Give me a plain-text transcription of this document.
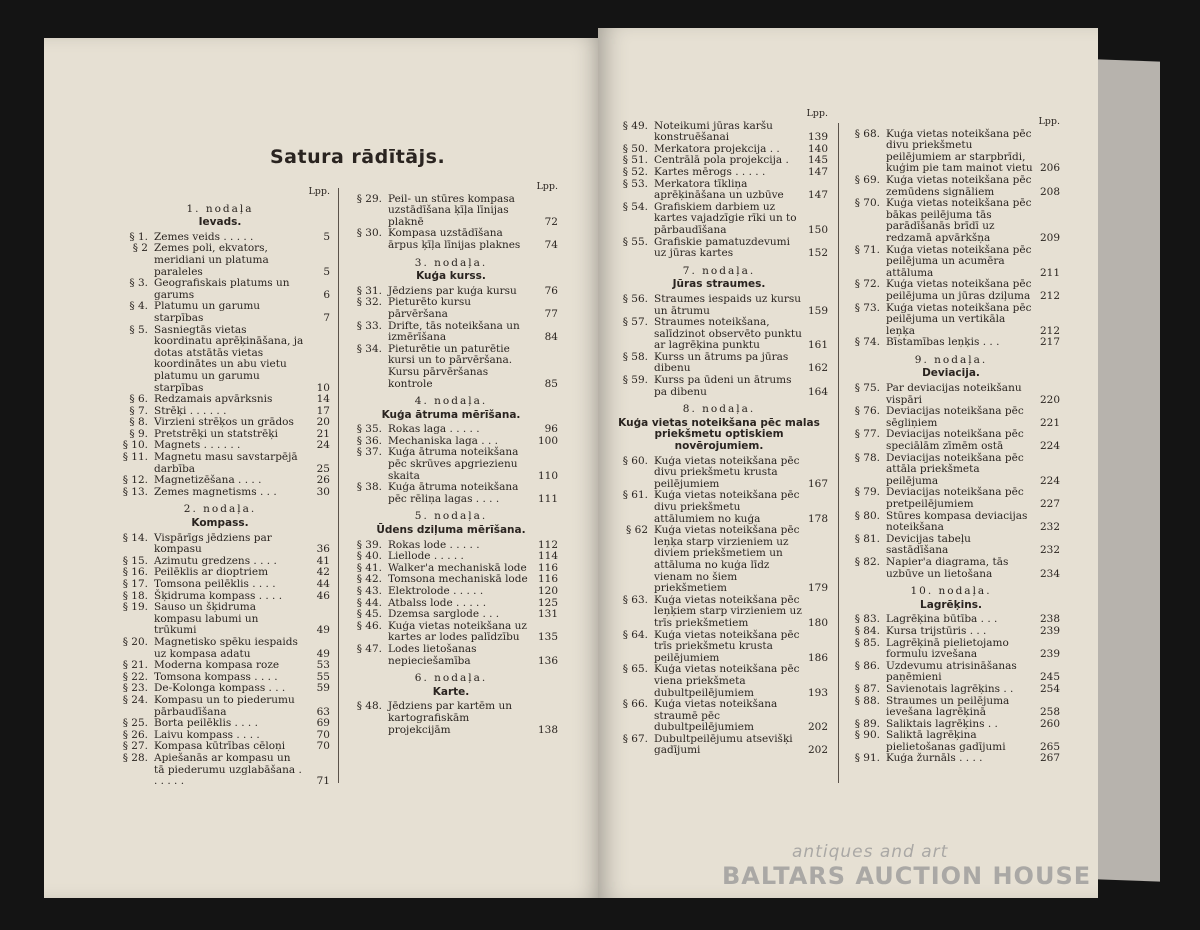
Satura rādītājs.
Lpp.
1. nodaļa
Ievads.
§ 1. Zemes veids . . . . .	5
§ 2 Zemes poli, ekvators, meridiani un platuma paraleles	5
§ 3. Geografiskais platums un garums	6
§ 4. Platumu un garumu starpības	7
§ 5. Sasniegtās vietas koordinatu aprēķināšana, ja dotas atstātās vietas koordinātes un abu vietu platumu un garumu starpības	10
§ 6. Redzamais apvārksnis	14
§ 7. Strēķi . . . . . .	17
§ 8. Virzieni strēķos un grādos	20
§ 9. Pretstrēķi un statstrēķi	21
§ 10. Magnets . . . . . .	24
§ 11. Magnetu masu savstarpējā darbība	25
§ 12. Magnetizēšana . . . .	26
§ 13. Zemes magnetisms . . .	30
2. nodaļa.
Kompass.
§ 14. Vispārīgs jēdziens par kompasu	36
§ 15. Azimutu gredzens . . . .	41
§ 16. Peilēklis ar dioptriem	42
§ 17. Tomsona peilēklis . . . .	44
§ 18. Šķidruma kompass . . . .	46
§ 19. Sauso un šķidruma kompasu labumi un trūkumi	49
§ 20. Magnetisko spēku iespaids uz kompasa adatu	49
§ 21. Moderna kompasa roze	53
§ 22. Tomsona kompass . . . .	55
§ 23. De-Kolonga kompass . . .	59
§ 24. Kompasu un to piederumu pārbaudīšana	63
§ 25. Borta peilēklis . . . .	69
§ 26. Laivu kompass . . . .	70
§ 27. Kompasa kūtrības cēloņi	70
§ 28. Apiešanās ar kompasu un tā piederumu uzglabāšana . . . . . .	71
Lpp.
§ 29. Peil- un stūres kompasa uzstādīšana ķīļa līnijas plaknē	72
§ 30. Kompasa uzstādīšana ārpus ķīļa līnijas plaknes	74
3. nodaļa.
Kuģa kurss.
§ 31. Jēdziens par kuģa kursu	76
§ 32. Pieturēto kursu pārvēršana	77
§ 33. Drifte, tās noteikšana un izmērīšana	84
§ 34. Pieturētie un paturētie kursi un to pārvēršana. Kursu pārvēršanas kontrole	85
4. nodaļa.
Kuģa ātruma mērīšana.
§ 35. Rokas laga . . . . .	96
§ 36. Mechaniska laga . . .	100
§ 37. Kuģa ātruma noteikšana pēc skrūves apgriezienu skaita	110
§ 38. Kuģa ātruma noteikšana pēc rēliņa lagas . . . .	111
5. nodaļa.
Ūdens dziļuma mērīšana.
§ 39. Rokas lode . . . . .	112
§ 40. Liellode . . . . .	114
§ 41. Walker'a mechaniskā lode	116
§ 42. Tomsona mechaniskā lode 116
§ 43. Elektrolode . . . . .	120
§ 44. Atbalss lode . . . . .	125
§ 45. Dzemsa sarglode . . .	131
§ 46. Kuģa vietas noteikšana uz kartes ar lodes palīdzību	135
§ 47. Lodes lietošanas nepieciešamība	136
6. nodaļa.
Karte.
§ 48. Jēdziens par kartēm un kartografiskām projekcijām	138
Lpp.
§ 49. Noteikumi jūras karšu konstruēšanai	139
§ 50. Merkatora projekcija . .	140
§ 51. Centrālā pola projekcija .	145
§ 52. Kartes mērogs . . . . .	147
§ 53. Merkatora tīkliņa aprēķināšana un uzbūve	147
§ 54. Grafiskiem darbiem uz kartes vajadzīgie rīki un to pārbaudīšana	150
§ 55. Grafiskie pamatuzdevumi uz jūras kartes	152
7. nodaļa.
Jūras straumes.
§ 56. Straumes iespaids uz kursu un ātrumu	159
§ 57. Straumes noteikšana, salīdzinot observēto punktu ar lagrēķina punktu	161
§ 58. Kurss un ātrums pa jūras dibenu	162
§ 59. Kurss pa ūdeni un ātrums pa dibenu	164
8. nodaļa.
Kuģa vietas noteikšana pēc malas priekšmetu optiskiem novērojumiem.
§ 60. Kuģa vietas noteikšana pēc divu priekšmetu krusta peilējumiem	167
§ 61. Kuģa vietas noteikšana pēc divu priekšmetu attālumiem no kuģa	178
§ 62 Kuģa vietas noteikšana pēc leņķa starp virzieniem uz diviem priekšmetiem un attāluma no kuģa līdz vienam no šiem priekšmetiem	179
§ 63. Kuģa vietas noteikšana pēc leņķiem starp virzieniem uz trīs priekšmetiem	180
§ 64. Kuģa vietas noteikšana pēc trīs priekšmetu krusta peilējumiem	186
§ 65. Kuģa vietas noteikšana pēc viena priekšmeta dubultpeilējumiem	193
§ 66. Kuģa vietas noteikšana straumē pēc dubultpeilējumiem	202
§ 67. Dubultpeilējumu atsevišķi gadījumi	202
Lpp.
§ 68. Kuģa vietas noteikšana pēc divu priekšmetu peilējumiem ar starpbrīdi, kuģim pie tam mainot vietu 206
§ 69. Kuģa vietas noteikšana pēc zemūdens signāliem	208
§ 70. Kuģa vietas noteikšana pēc bākas peilējuma tās parādīšanās brīdī uz redzamā apvārkšņa	209
§ 71. Kuģa vietas noteikšana pēc peilējuma un acumēra attāluma	211
§ 72. Kuģa vietas noteikšana pēc peilējuma un jūras dziļuma 212
§ 73. Kuģa vietas noteikšana pēc peilējuma un vertikāla leņķa	212
§ 74. Bīstamības leņķis . . .	217
9. nodaļa.
Deviacija.
§ 75. Par deviacijas noteikšanu vispāri	220
§ 76. Deviacijas noteikšana pēc sēgliņiem	221
§ 77. Deviacijas noteikšana pēc speciālām zīmēm ostā	224
§ 78. Deviacijas noteikšana pēc attāla priekšmeta peilējuma	224
§ 79. Deviacijas noteikšana pēc pretpeilējumiem	227
§ 80. Stūres kompasa deviacijas noteikšana	232
§ 81. Devicijas tabeļu sastādīšana	232
§ 82. Napier'a diagrama, tās uzbūve un lietošana	234
10. nodaļa.
Lagrēķins.
§ 83. Lagrēķina būtība . . .	238
§ 84. Kursa trijstūris . . .	239
§ 85. Lagrēķinā pielietojamo formulu izvešana	239
§ 86. Uzdevumu atrisināšanas paņēmieni	245
§ 87. Savienotais lagrēķins . .	254
§ 88. Straumes un peilējuma ievešana lagrēķinā	258
§ 89. Saliktais lagrēķins . .	260
§ 90. Saliktā lagrēķina pielietošanas gadījumi	265
§ 91. Kuģa žurnāls . . . .	267
antiques and art
BALTARS AUCTION HOUSE
